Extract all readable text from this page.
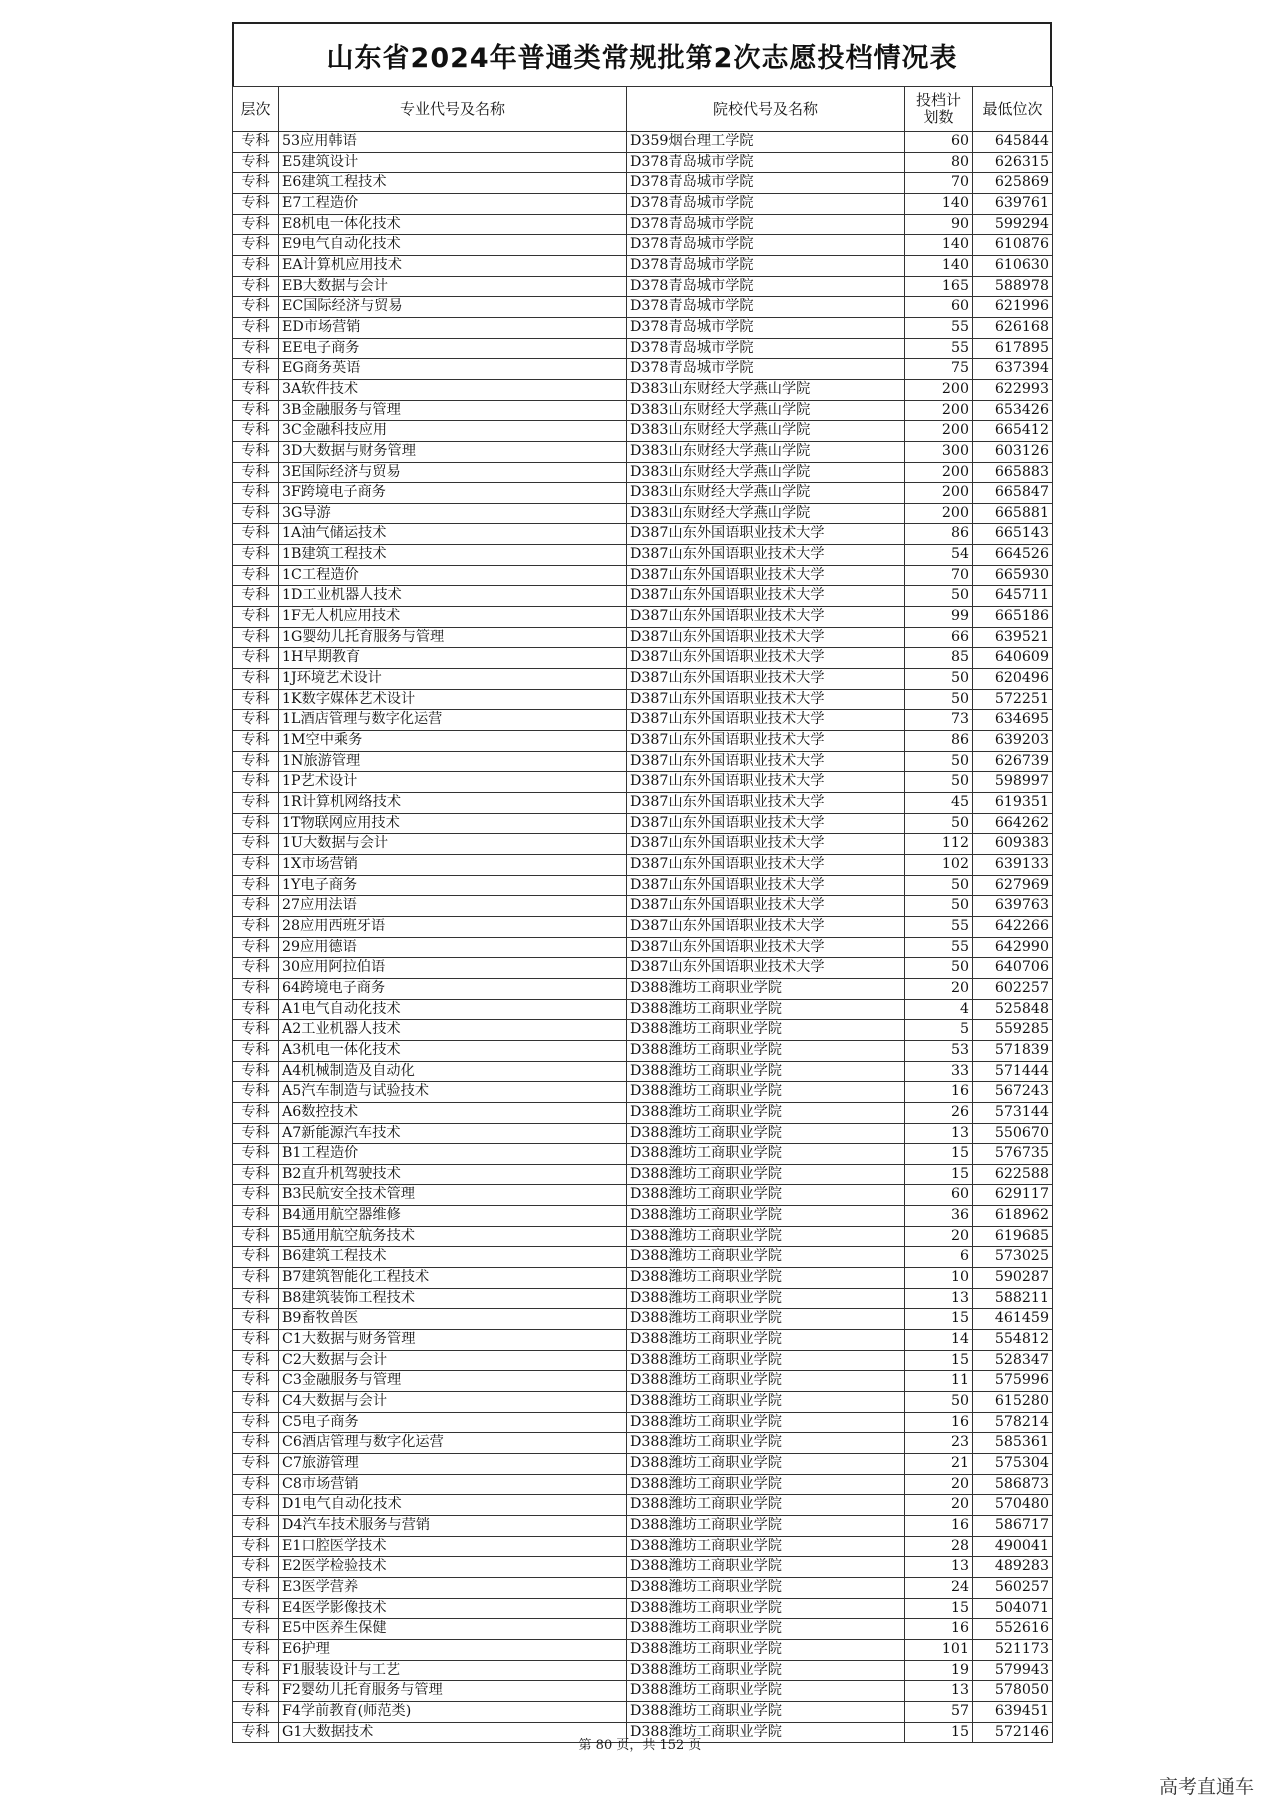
山东省2024年普通类常规批第2次志愿投档情况表
层次	专业代号及名称	院校代号及名称	投档计划数	最低位次
专科	53应用韩语	D359烟台理工学院	60	645844
专科	E5建筑设计	D378青岛城市学院	80	626315
专科	E6建筑工程技术	D378青岛城市学院	70	625869
专科	E7工程造价	D378青岛城市学院	140	639761
专科	E8机电一体化技术	D378青岛城市学院	90	599294
专科	E9电气自动化技术	D378青岛城市学院	140	610876
专科	EA计算机应用技术	D378青岛城市学院	140	610630
专科	EB大数据与会计	D378青岛城市学院	165	588978
专科	EC国际经济与贸易	D378青岛城市学院	60	621996
专科	ED市场营销	D378青岛城市学院	55	626168
专科	EE电子商务	D378青岛城市学院	55	617895
专科	EG商务英语	D378青岛城市学院	75	637394
专科	3A软件技术	D383山东财经大学燕山学院	200	622993
专科	3B金融服务与管理	D383山东财经大学燕山学院	200	653426
专科	3C金融科技应用	D383山东财经大学燕山学院	200	665412
专科	3D大数据与财务管理	D383山东财经大学燕山学院	300	603126
专科	3E国际经济与贸易	D383山东财经大学燕山学院	200	665883
专科	3F跨境电子商务	D383山东财经大学燕山学院	200	665847
专科	3G导游	D383山东财经大学燕山学院	200	665881
专科	1A油气储运技术	D387山东外国语职业技术大学	86	665143
专科	1B建筑工程技术	D387山东外国语职业技术大学	54	664526
专科	1C工程造价	D387山东外国语职业技术大学	70	665930
专科	1D工业机器人技术	D387山东外国语职业技术大学	50	645711
专科	1F无人机应用技术	D387山东外国语职业技术大学	99	665186
专科	1G婴幼儿托育服务与管理	D387山东外国语职业技术大学	66	639521
专科	1H早期教育	D387山东外国语职业技术大学	85	640609
专科	1J环境艺术设计	D387山东外国语职业技术大学	50	620496
专科	1K数字媒体艺术设计	D387山东外国语职业技术大学	50	572251
专科	1L酒店管理与数字化运营	D387山东外国语职业技术大学	73	634695
专科	1M空中乘务	D387山东外国语职业技术大学	86	639203
专科	1N旅游管理	D387山东外国语职业技术大学	50	626739
专科	1P艺术设计	D387山东外国语职业技术大学	50	598997
专科	1R计算机网络技术	D387山东外国语职业技术大学	45	619351
专科	1T物联网应用技术	D387山东外国语职业技术大学	50	664262
专科	1U大数据与会计	D387山东外国语职业技术大学	112	609383
专科	1X市场营销	D387山东外国语职业技术大学	102	639133
专科	1Y电子商务	D387山东外国语职业技术大学	50	627969
专科	27应用法语	D387山东外国语职业技术大学	50	639763
专科	28应用西班牙语	D387山东外国语职业技术大学	55	642266
专科	29应用德语	D387山东外国语职业技术大学	55	642990
专科	30应用阿拉伯语	D387山东外国语职业技术大学	50	640706
专科	64跨境电子商务	D388潍坊工商职业学院	20	602257
专科	A1电气自动化技术	D388潍坊工商职业学院	4	525848
专科	A2工业机器人技术	D388潍坊工商职业学院	5	559285
专科	A3机电一体化技术	D388潍坊工商职业学院	53	571839
专科	A4机械制造及自动化	D388潍坊工商职业学院	33	571444
专科	A5汽车制造与试验技术	D388潍坊工商职业学院	16	567243
专科	A6数控技术	D388潍坊工商职业学院	26	573144
专科	A7新能源汽车技术	D388潍坊工商职业学院	13	550670
专科	B1工程造价	D388潍坊工商职业学院	15	576735
专科	B2直升机驾驶技术	D388潍坊工商职业学院	15	622588
专科	B3民航安全技术管理	D388潍坊工商职业学院	60	629117
专科	B4通用航空器维修	D388潍坊工商职业学院	36	618962
专科	B5通用航空航务技术	D388潍坊工商职业学院	20	619685
专科	B6建筑工程技术	D388潍坊工商职业学院	6	573025
专科	B7建筑智能化工程技术	D388潍坊工商职业学院	10	590287
专科	B8建筑装饰工程技术	D388潍坊工商职业学院	13	588211
专科	B9畜牧兽医	D388潍坊工商职业学院	15	461459
专科	C1大数据与财务管理	D388潍坊工商职业学院	14	554812
专科	C2大数据与会计	D388潍坊工商职业学院	15	528347
专科	C3金融服务与管理	D388潍坊工商职业学院	11	575996
专科	C4大数据与会计	D388潍坊工商职业学院	50	615280
专科	C5电子商务	D388潍坊工商职业学院	16	578214
专科	C6酒店管理与数字化运营	D388潍坊工商职业学院	23	585361
专科	C7旅游管理	D388潍坊工商职业学院	21	575304
专科	C8市场营销	D388潍坊工商职业学院	20	586873
专科	D1电气自动化技术	D388潍坊工商职业学院	20	570480
专科	D4汽车技术服务与营销	D388潍坊工商职业学院	16	586717
专科	E1口腔医学技术	D388潍坊工商职业学院	28	490041
专科	E2医学检验技术	D388潍坊工商职业学院	13	489283
专科	E3医学营养	D388潍坊工商职业学院	24	560257
专科	E4医学影像技术	D388潍坊工商职业学院	15	504071
专科	E5中医养生保健	D388潍坊工商职业学院	16	552616
专科	E6护理	D388潍坊工商职业学院	101	521173
专科	F1服装设计与工艺	D388潍坊工商职业学院	19	579943
专科	F2婴幼儿托育服务与管理	D388潍坊工商职业学院	13	578050
专科	F4学前教育(师范类)	D388潍坊工商职业学院	57	639451
专科	G1大数据技术	D388潍坊工商职业学院	15	572146
第 80 页，共 152 页
高考直通车
